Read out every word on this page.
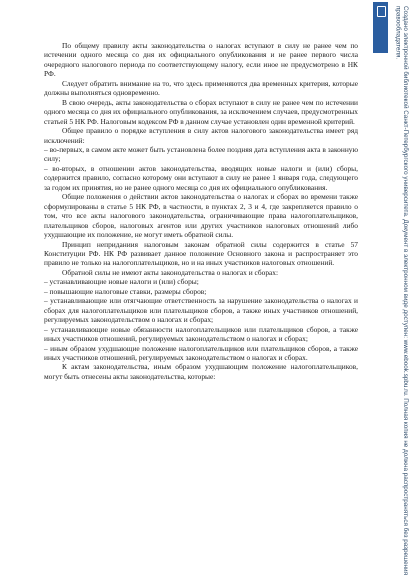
По общему правилу акты законодательства о налогах вступают в силу не ранее чем по истечении одного месяца со дня их официального опубликования и не ранее первого числа очередного налогового периода по соответствующему налогу, если иное не предусмотрено в НК РФ.

Следует обратить внимание на то, что здесь применяются два временных критерия, которые должны выполняться одновременно.

В свою очередь, акты законодательства о сборах вступают в силу не ранее чем по истечении одного месяца со дня их официального опубликования, за исключением случаев, предусмотренных статьей 5 НК РФ. Налоговым кодексом РФ в данном случае установлен один временной критерий.

Общее правило о порядке вступления в силу актов налогового законодательства имеет ряд исключений:

– во-первых, в самом акте может быть установлена более поздняя дата вступления акта в законную силу;

– во-вторых, в отношении актов законодательства, вводящих новые налоги и (или) сборы, содержится правило, согласно которому они вступают в силу не ранее 1 января года, следующего за годом их принятия, но не ранее одного месяца со дня их официального опубликования.

Общие положения о действии актов законодательства о налогах и сборах во времени также сформулированы в статье 5 НК РФ, в частности, в пунктах 2, 3 и 4, где закрепляется правило о том, что все акты налогового законодательства, ограничивающие права налогоплательщиков, плательщиков сборов, налоговых агентов или других участников налоговых отношений либо ухудшающие их положение, не могут иметь обратной силы.

Принцип неприданиия налоговым законам обратной силы содержится в статье 57 Конституции РФ. НК РФ развивает данное положение Основного закона и распространяет это правило не только на налогоплательщиков, но и на иных участников налоговых отношений.

Обратной силы не имеют акты законодательства о налогах и сборах:

– устанавливающие новые налоги и (или) сборы;

– повышающие налоговые ставки, размеры сборов;

– устанавливающие или отягчающие ответственность за нарушение законодательства о налогах и сборах для налогоплательщиков или плательщиков сборов, а также иных участников отношений, регулируемых законодательством о налогах и сборах;

– устанавливающие новые обязанности налогоплательщиков или плательщиков сборов, а также иных участников отношений, регулируемых законодательством о налогах и сборах;

– иным образом ухудшающие положение налогоплательщиков или плательщиков сборов, а также иных участников отношений, регулируемых законодательством о налогах и сборах.

К актам законодательства, иным образом ухудшающим положение налогоплательщиков, могут быть отнесены акты законодательства, которые:	Создано электронной библиотекой Санкт-Петербургского университета. Документ в электронном виде доступен: www.ebook.spbu.ru. Полная копия не должна распространяться без разрешения правообладателя.
